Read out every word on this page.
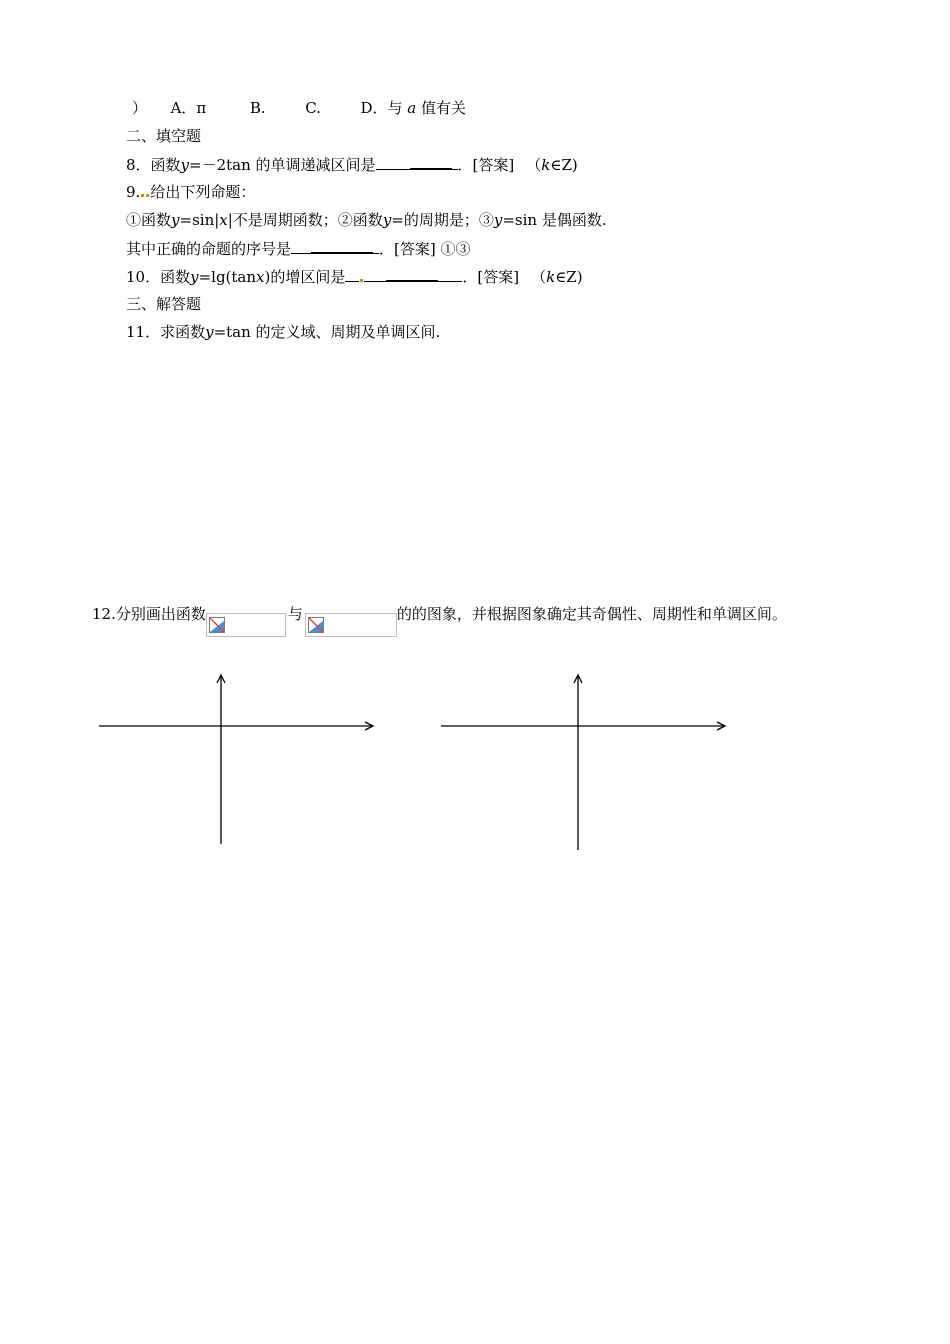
） A．π	B.	C.	D．与 a 值有关
二、填空题
8．函数y=－2tan 的单调递减区间是	．[答案] （k∈Z)
9. 给出下列命题：
①函数y=sin|x|不是周期函数；②函数y=的周期是；③y=sin 是偶函数.
其中正确的命题的序号是	．[答案] ①③
10．函数y=lg(tanx)的增区间是	．[答案] （k∈Z)
三、解答题
11．求函数y=tan 的定义域、周期及单调区间.
12.分别画出函数	与	的的图象，并根据图象确定其奇偶性、周期性和单调区间。
